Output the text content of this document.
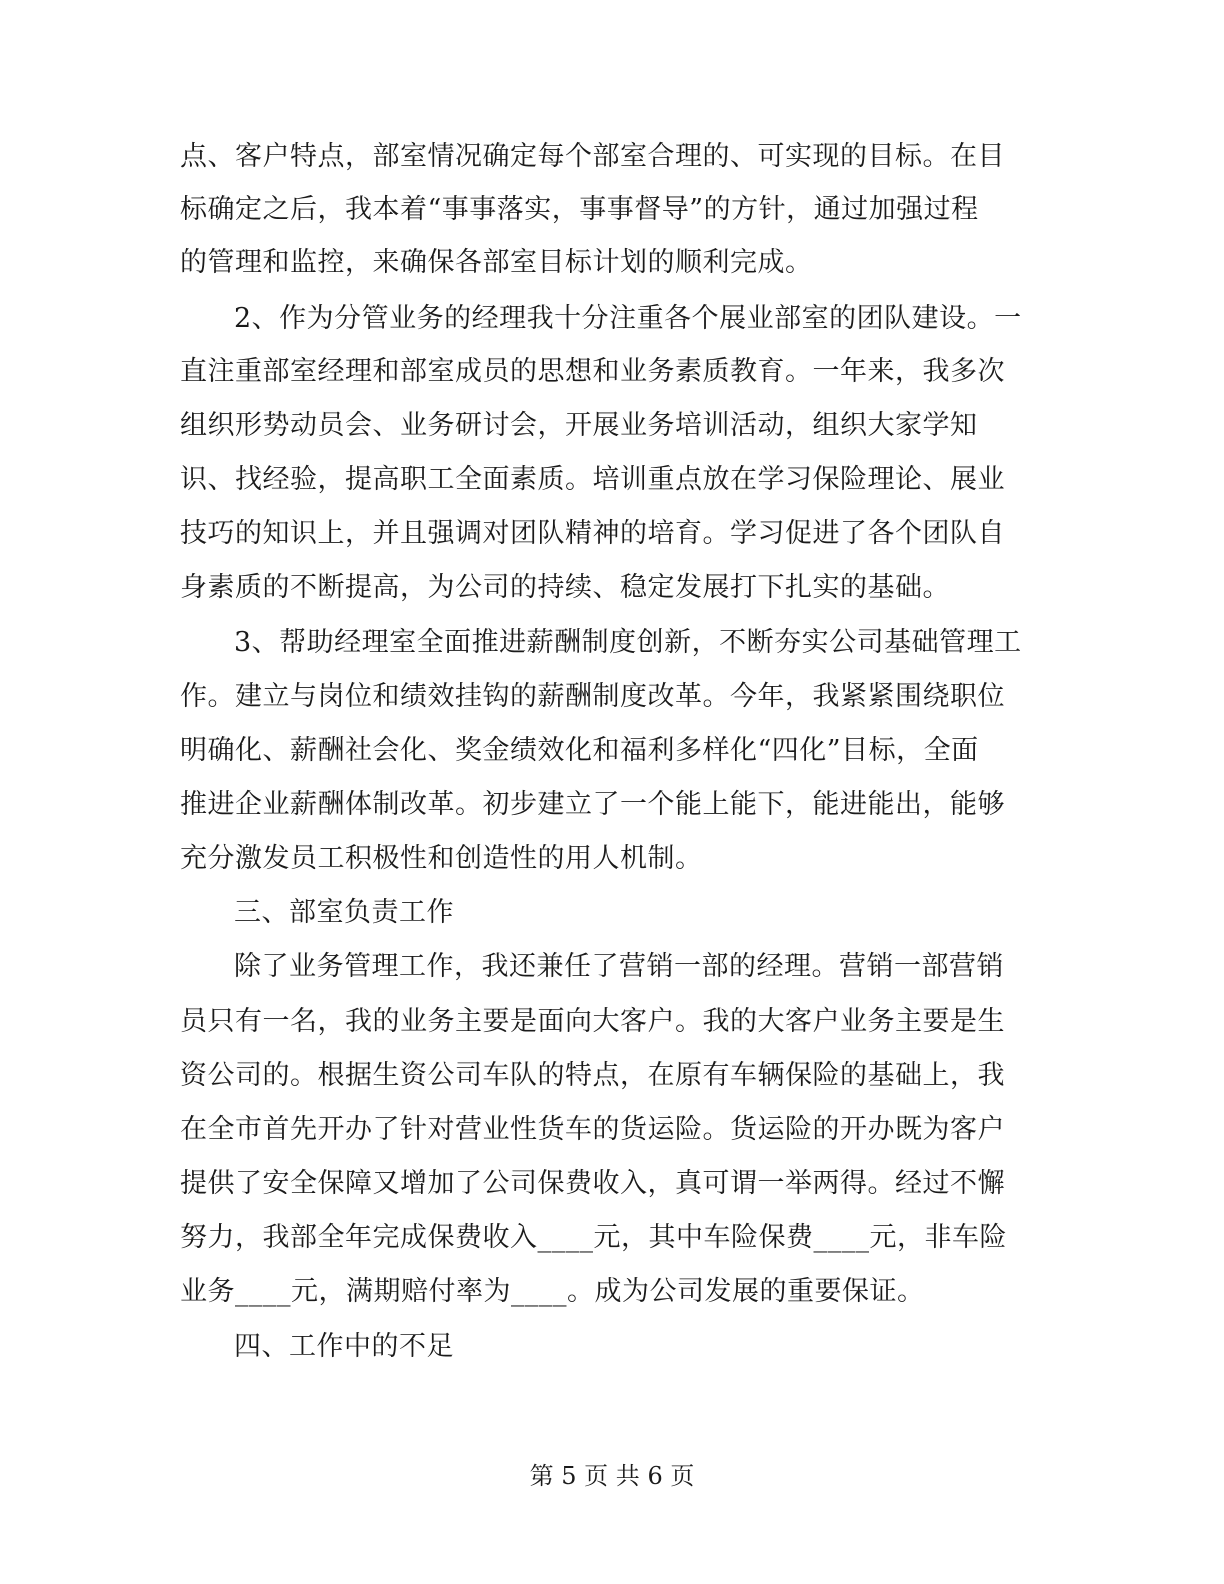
点、客户特点，部室情况确定每个部室合理的、可实现的目标。在目
标确定之后，我本着“事事落实，事事督导”的方针，通过加强过程
的管理和监控，来确保各部室目标计划的顺利完成。
2、作为分管业务的经理我十分注重各个展业部室的团队建设。一
直注重部室经理和部室成员的思想和业务素质教育。一年来，我多次
组织形势动员会、业务研讨会，开展业务培训活动，组织大家学知
识、找经验，提高职工全面素质。培训重点放在学习保险理论、展业
技巧的知识上，并且强调对团队精神的培育。学习促进了各个团队自
身素质的不断提高，为公司的持续、稳定发展打下扎实的基础。
3、帮助经理室全面推进薪酬制度创新，不断夯实公司基础管理工
作。建立与岗位和绩效挂钩的薪酬制度改革。今年，我紧紧围绕职位
明确化、薪酬社会化、奖金绩效化和福利多样化“四化”目标，全面
推进企业薪酬体制改革。初步建立了一个能上能下，能进能出，能够
充分激发员工积极性和创造性的用人机制。
三、部室负责工作
除了业务管理工作，我还兼任了营销一部的经理。营销一部营销
员只有一名，我的业务主要是面向大客户。我的大客户业务主要是生
资公司的。根据生资公司车队的特点，在原有车辆保险的基础上，我
在全市首先开办了针对营业性货车的货运险。货运险的开办既为客户
提供了安全保障又增加了公司保费收入，真可谓一举两得。经过不懈
努力，我部全年完成保费收入____元，其中车险保费____元，非车险
业务____元，满期赔付率为____。成为公司发展的重要保证。
四、工作中的不足
第 5 页 共 6 页
